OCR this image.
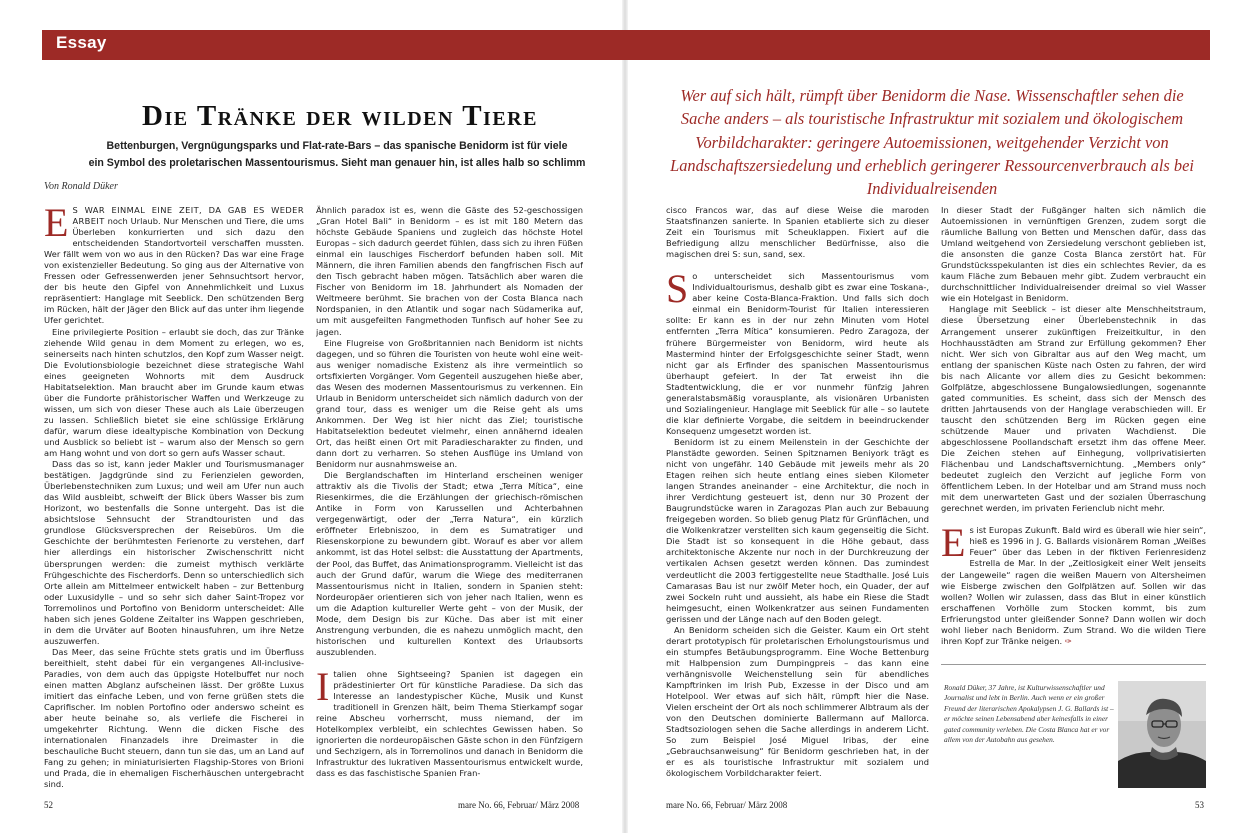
Essay
Die Tränke der wilden Tiere
Bettenburgen, Vergnügungsparks und Flat-rate-Bars – das spanische Benidorm ist für viele
ein Symbol des proletarischen Massentourismus. Sieht man genauer hin, ist alles halb so schlimm
Von Ronald Düker
Wer auf sich hält, rümpft über Benidorm die Nase. Wissenschaftler sehen die Sache anders – als touristische Infrastruktur mit sozialem und ökologischem Vorbildcharakter: geringere Autoemissionen, weitgehender Verzicht von Landschaftszersiedelung und erheblich geringerer Ressourcenverbrauch als bei Individualreisenden

E S WAR EINMAL EINE ZEIT, DA GAB ES WEDER ARBEIT noch Urlaub. Nur Menschen und Tiere, die ums Überleben konkurrierten und sich dazu den entscheidenden Standortvorteil verschaffen mussten. Wer fällt wem von wo aus in den Rücken? Das war eine Frage von existenzieller Bedeutung. So ging aus der Alternative von Fressen oder Gefressenwerden jener Sehnsuchtsort hervor, der bis heute den Gipfel von Annehmlichkeit und Luxus repräsentiert: Hanglage mit Seeblick. Den schützenden Berg im Rücken, hält der Jäger den Blick auf das unter ihm liegende Ufer gerichtet.

Eine privilegierte Position – erlaubt sie doch, das zur Tränke ziehende Wild genau in dem Moment zu erlegen, wo es, seinerseits nach hinten schutzlos, den Kopf zum Wasser neigt. Die Evolutionsbiologie bezeichnet diese strategische Wahl eines geeigneten Wohnorts mit dem Ausdruck Habitatselektion. Man braucht aber im Grunde kaum etwas über die Fundorte prähistorischer Waffen und Werkzeuge zu wissen, um sich von dieser These auch als Laie überzeugen zu lassen. Schließlich bietet sie eine schlüssige Erklärung dafür, warum diese idealtypische Kombination von Deckung und Ausblick so beliebt ist – warum also der Mensch so gern am Hang wohnt und von dort so gern aufs Wasser schaut.

Dass das so ist, kann jeder Makler und Tourismusmanager bestätigen. Jagdgründe sind zu Ferienzielen geworden, Überlebenstechniken zum Luxus; und weil am Ufer nun auch das Wild ausbleibt, schweift der Blick übers Wasser bis zum Horizont, wo bestenfalls die Sonne untergeht. Das ist die absichtslose Sehnsucht der Strandtouristen und das grundlose Glücksversprechen der Reisebüros. Um die Geschichte der berühmtesten Ferienorte zu verstehen, darf hier allerdings ein historischer Zwischenschritt nicht übersprungen werden: die zumeist mythisch verklärte Frühgeschichte des Fischerdorfs. Denn so unterschiedlich sich Orte allein am Mittelmeer entwickelt haben – zur Bettenburg oder Luxusidylle – und so sehr sich daher Saint-Tropez vor Torremolinos und Portofino von Benidorm unterscheidet: Alle haben sich jenes Goldene Zeitalter ins Wappen geschrieben, in dem die Urväter auf Booten hinausfuhren, um ihre Netze auszuwerfen.

Das Meer, das seine Früchte stets gratis und im Überfluss bereithielt, steht dabei für ein vergangenes All-inclusive-Paradies, von dem auch das üppigste Hotelbuffet nur noch einen matten Abglanz aufscheinen lässt. Der größte Luxus imitiert das einfache Leben, und von ferne grüßen stets die Caprifischer. Im noblen Portofino oder anderswo scheint es aber heute beinahe so, als verliefe die Fischerei in umgekehrter Richtung. Wenn die dicken Fische des internationalen Finanzadels ihre Dreimaster in die beschauliche Bucht steuern, dann tun sie das, um an Land auf Fang zu gehen; in miniaturisierten Flagship-Stores von Brioni und Prada, die in ehemaligen Fischerhäuschen untergebracht sind.

Ähnlich paradox ist es, wenn die Gäste des 52-geschossigen „Gran Hotel Bali“ in Benidorm – es ist mit 180 Metern das höchste Gebäude Spaniens und zugleich das höchste Hotel Europas – sich dadurch geerdet fühlen, dass sich zu ihren Füßen einmal ein lauschiges Fischerdorf befunden haben soll. Mit Männern, die ihren Familien abends den fangfrischen Fisch auf den Tisch gebracht haben mögen. Tatsächlich aber waren die Fischer von Benidorm im 18. Jahrhundert als Nomaden der Weltmeere berühmt. Sie brachen von der Costa Blanca nach Nordspanien, in den Atlantik und sogar nach Südamerika auf, um mit ausgefeilten Fangmethoden Tunfisch auf hoher See zu jagen.

Eine Flugreise von Großbritannien nach Benidorm ist nichts dagegen, und so führen die Touristen von heute wohl eine weit-aus weniger nomadische Existenz als ihre vermeintlich so ortsfixierten Vorgänger. Vom Gegenteil auszugehen hieße aber, das Wesen des modernen Massentourismus zu verkennen. Ein Urlaub in Benidorm unterscheidet sich nämlich dadurch von der grand tour, dass es weniger um die Reise geht als ums Ankommen. Der Weg ist hier nicht das Ziel; touristische Habitatselektion bedeutet vielmehr, einen annähernd idealen Ort, das heißt einen Ort mit Paradiescharakter zu finden, und dann dort zu verharren. So stehen Ausflüge ins Umland von Benidorm nur ausnahmsweise an.

Die Berglandschaften im Hinterland erscheinen weniger attraktiv als die Tivolis der Stadt; etwa „Terra Mítica“, eine Riesenkirmes, die die Erzählungen der griechisch-römischen Antike in Form von Karussellen und Achterbahnen vergegenwärtigt, oder der „Terra Natura“, ein kürzlich eröffneter Erlebniszoo, in dem es Sumatratiger und Riesenskorpione zu bewundern gibt. Worauf es aber vor allem ankommt, ist das Hotel selbst: die Ausstattung der Apartments, der Pool, das Buffet, das Animationsprogramm. Vielleicht ist das auch der Grund dafür, warum die Wiege des mediterranen Massentourismus nicht in Italien, sondern in Spanien steht: Nordeuropäer orientieren sich von jeher nach Italien, wenn es um die Adaption kultureller Werte geht – von der Musik, der Mode, dem Design bis zur Küche. Das aber ist mit einer Anstrengung verbunden, die es nahezu unmöglich macht, den historischen und kulturellen Kontext des Urlaubsorts auszublenden.

Italien ohne Sightseeing? Spanien ist dagegen ein prädestinierter Ort für künstliche Paradiese. Da sich das Interesse an landestypischer Küche, Musik und Kunst traditionell in Grenzen hält, beim Thema Stierkampf sogar reine Abscheu vorherrscht, muss niemand, der im Hotelkomplex verbleibt, ein schlechtes Gewissen haben. So ignorierten die nordeuropäischen Gäste schon in den Fünfzigern und Sechzigern, als in Torremolinos und danach in Benidorm die Infrastruktur des lukrativen Massentourismus entwickelt wurde, dass es das faschistische Spanien Fran-

cisco Francos war, das auf diese Weise die maroden Staatsfinanzen sanierte. In Spanien etablierte sich zu dieser Zeit ein Tourismus mit Scheuklappen. Fixiert auf die Befriedigung allzu menschlicher Bedürfnisse, also die magischen drei S: sun, sand, sex.

So unterscheidet sich Massentourismus vom Individualtourismus, deshalb gibt es zwar eine Toskana-, aber keine Costa-Blanca-Fraktion. Und falls sich doch einmal ein Benidorm-Tourist für Italien interessieren sollte: Er kann es in der nur zehn Minuten vom Hotel entfernten „Terra Mítica“ konsumieren. Pedro Zaragoza, der frühere Bürgermeister von Benidorm, wird heute als Mastermind hinter der Erfolgsgeschichte seiner Stadt, wenn nicht gar als Erfinder des spanischen Massentourismus überhaupt gefeiert. In der Tat erweist ihn die Stadtentwicklung, die er vor nunmehr fünfzig Jahren generalstabsmäßig vorausplante, als visionären Urbanisten und Sozialingenieur. Hanglage mit Seeblick für alle – so lautete die klar definierte Vorgabe, die seitdem in beeindruckender Konsequenz umgesetzt worden ist.

Benidorm ist zu einem Meilenstein in der Geschichte der Planstädte geworden. Seinen Spitznamen Beniyork trägt es nicht von ungefähr. 140 Gebäude mit jeweils mehr als 20 Etagen reihen sich heute entlang eines sieben Kilometer langen Strandes aneinander – eine Architektur, die noch in ihrer Verdichtung gesteuert ist, denn nur 30 Prozent der Baugrundstücke waren in Zaragozas Plan auch zur Bebauung freigegeben worden. So blieb genug Platz für Grünflächen, und die Wolkenkratzer verstellten sich kaum gegenseitig die Sicht. Die Stadt ist so konsequent in die Höhe gebaut, dass architektonische Akzente nur noch in der Durchkreuzung der vertikalen Achsen gesetzt werden können. Das zumindest verdeutlicht die 2003 fertiggestellte neue Stadthalle. José Luis Camarasas Bau ist nur zwölf Meter hoch, ein Quader, der auf zwei Sockeln ruht und aussieht, als habe ein Riese die Stadt heimgesucht, einen Wolkenkratzer aus seinen Fundamenten gerissen und der Länge nach auf den Boden gelegt.

An Benidorm scheiden sich die Geister. Kaum ein Ort steht derart prototypisch für proletarischen Erholungstourismus und ein stumpfes Betäubungsprogramm. Eine Woche Bettenburg mit Halbpension zum Dumpingpreis – das kann eine verhängnisvolle Weichenstellung sein für abendliches Kampftrinken im Irish Pub, Exzesse in der Disco und am Hotelpool. Wer etwas auf sich hält, rümpft hier die Nase. Vielen erscheint der Ort als noch schlimmerer Albtraum als der von den Deutschen dominierte Ballermann auf Mallorca. Stadtsoziologen sehen die Sache allerdings in anderem Licht. So zum Beispiel José Miguel Iribas, der eine „Gebrauchsanweisung“ für Benidorm geschrieben hat, in der er es als touristische Infrastruktur mit sozialem und ökologischem Vorbildcharakter feiert.

In dieser Stadt der Fußgänger halten sich nämlich die Autoemissionen in vernünftigen Grenzen, zudem sorgt die räumliche Ballung von Betten und Menschen dafür, dass das Umland weitgehend von Zersiedelung verschont geblieben ist, die ansonsten die ganze Costa Blanca zerstört hat. Für Grundstücksspekulanten ist dies ein schlechtes Revier, da es kaum Fläche zum Bebauen mehr gibt. Zudem verbraucht ein durchschnittlicher Individualreisender dreimal so viel Wasser wie ein Hotelgast in Benidorm.

Hanglage mit Seeblick – ist dieser alte Menschheitstraum, diese Übersetzung einer Überlebenstechnik in das Arrangement unserer zukünftigen Freizeitkultur, in den Hochhausstädten am Strand zur Erfüllung gekommen? Eher nicht. Wer sich von Gibraltar aus auf den Weg macht, um entlang der spanischen Küste nach Osten zu fahren, der wird bis nach Alicante vor allem dies zu Gesicht bekommen: Golfplätze, abgeschlossene Bungalowsiedlungen, sogenannte gated communities. Es scheint, dass sich der Mensch des dritten Jahrtausends von der Hanglage verabschieden will. Er tauscht den schützenden Berg im Rücken gegen eine schützende Mauer und privaten Wachdienst. Die abgeschlossene Poollandschaft ersetzt ihm das offene Meer. Die Zeichen stehen auf Einhegung, vollprivatisierten Flächenbau und Landschaftsvernichtung. „Members only“ bedeutet zugleich den Verzicht auf jegliche Form von öffentlichem Leben. In der Hotelbar und am Strand muss noch mit dem unerwarteten Gast und der sozialen Überraschung gerechnet werden, im privaten Ferienclub nicht mehr.

Es ist Europas Zukunft. Bald wird es überall wie hier sein“, hieß es 1996 in J. G. Ballards visionärem Roman „Weißes Feuer“ über das Leben in der fiktiven Ferienresidenz Estrella de Mar. In der „Zeitlosigkeit einer Welt jenseits der Langeweile“ ragen die weißen Mauern von Altersheimen wie Eisberge zwischen den Golfplätzen auf. Sollen wir das wollen? Wollen wir zulassen, dass das Blut in einer künstlich erschaffenen Vorhölle zum Stocken kommt, bis zum Erfrierungstod unter gleißender Sonne? Dann wollen wir doch wohl lieber nach Benidorm. Zum Strand. Wo die wilden Tiere ihren Kopf zur Tränke neigen. ✑

Ronald Düker, 37 Jahre, ist Kulturwissenschaftler und Journalist und lebt in Berlin. Auch wenn er ein großer Freund der literarischen Apokalypsen J. G. Ballards ist – er möchte seinen Lebensabend aber keinesfalls in einer gated community verleben. Die Costa Blanca hat er vor allem von der Autobahn aus gesehen.
52	mare No. 66, Februar/ März 2008	mare No. 66, Februar/ März 2008	53
